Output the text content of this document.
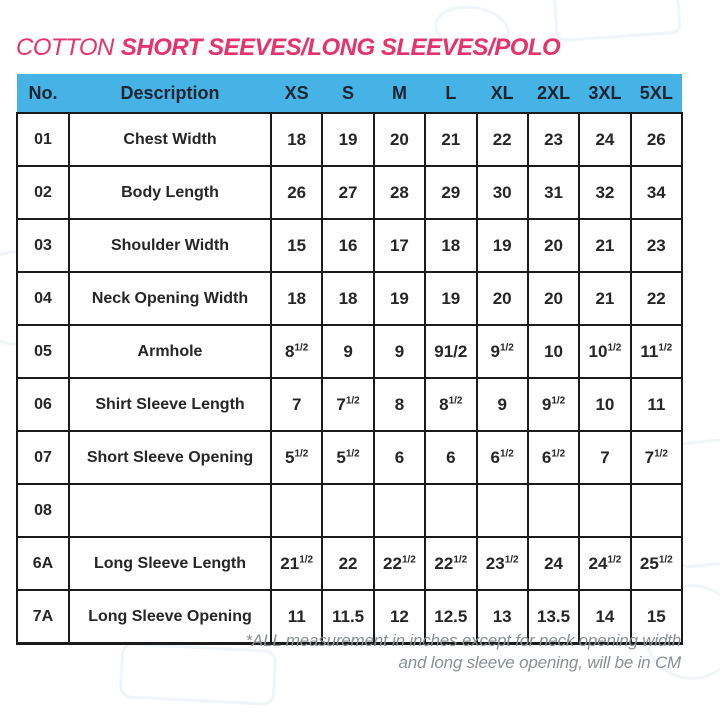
COTTON SHORT SEEVES/LONG SLEEVES/POLO
No.	Description	XS	S	M	L	XL	2XL	3XL	5XL
01	Chest Width	18	19	20	21	22	23	24	26
02	Body Length	26	27	28	29	30	31	32	34
03	Shoulder Width	15	16	17	18	19	20	21	23
04	Neck Opening Width	18	18	19	19	20	20	21	22
05	Armhole	$8^{1/2}$	9	9	91/2	$9^{1/2}$	10	$10^{1/2}$	$11^{1/2}$
06	Shirt Sleeve Length	7	$7^{1/2}$	8	$8^{1/2}$	9	$9^{1/2}$	10	11
07	Short Sleeve Opening	$5^{1/2}$	$5^{1/2}$	6	6	$6^{1/2}$	$6^{1/2}$	7	$7^{1/2}$
08									
6A	Long Sleeve Length	$21^{1/2}$	22	$22^{1/2}$	$22^{1/2}$	$23^{1/2}$	24	$24^{1/2}$	$25^{1/2}$
7A	Long Sleeve Opening	11	11.5	12	12.5	13	13.5	14	15
*ALL measurement in inches except for neck opening width
and long sleeve opening, will be in CM
